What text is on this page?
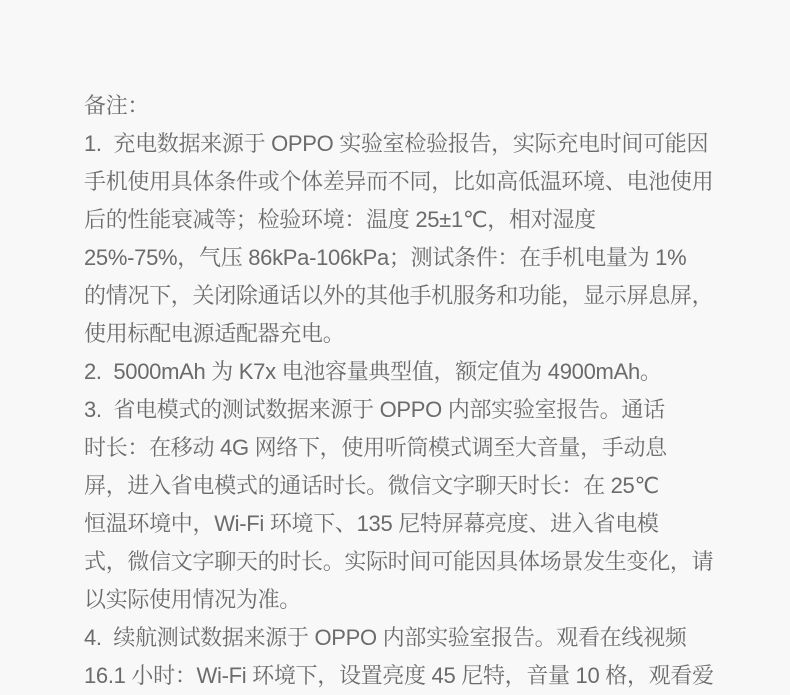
备注：
1.  充电数据来源于 OPPO 实验室检验报告，实际充电时间可能因
手机使用具体条件或个体差异而不同，比如高低温环境、电池使用
后的性能衰减等；检验环境：温度 25±1℃，相对湿度
25%-75%，气压 86kPa-106kPa；测试条件：在手机电量为 1%
的情况下，关闭除通话以外的其他手机服务和功能，显示屏息屏，
使用标配电源适配器充电。
2.  5000mAh 为 K7x 电池容量典型值，额定值为 4900mAh。
3.  省电模式的测试数据来源于 OPPO 内部实验室报告。通话
时长：在移动 4G 网络下，使用听筒模式调至大音量，手动息
屏，进入省电模式的通话时长。微信文字聊天时长：在 25℃
恒温环境中，Wi-Fi 环境下、135 尼特屏幕亮度、进入省电模
式，微信文字聊天的时长。实际时间可能因具体场景发生变化，请
以实际使用情况为准。
4.  续航测试数据来源于 OPPO 内部实验室报告。观看在线视频
16.1 小时：Wi-Fi 环境下，设置亮度 45 尼特，音量 10 格，观看爱
